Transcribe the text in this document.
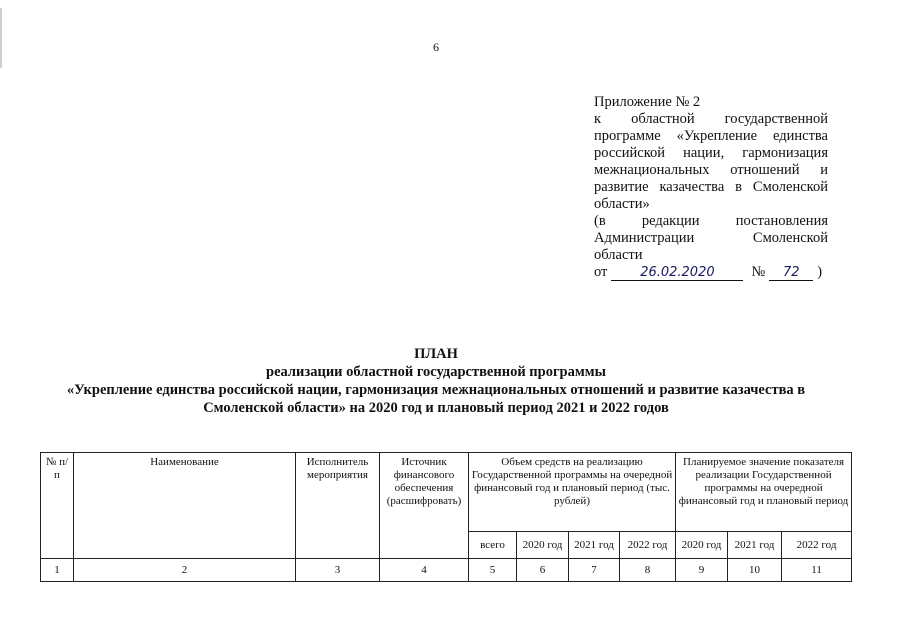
6
Приложение № 2
к областной государственной
программе «Укрепление единства
российской нации, гармонизация
межнациональных отношений и
развитие казачества в Смоленской
области»
(в редакции постановления
Администрации Смоленской
области
от	26.02.2020	№	72	)
ПЛАН
реализации областной государственной программы
«Укрепление единства российской нации, гармонизация межнациональных отношений и развитие казачества в
Смоленской области» на 2020 год и плановый период 2021 и 2022 годов
№ п/п	Наименование	Исполнитель мероприятия	Источник финансового обеспечения (расшифровать)	Объем средств на реализацию Государственной программы на очередной финансовый год и плановый период (тыс. рублей)				Планируемое значение показателя реализации Государственной программы на очередной финансовый год и плановый период		
				всего	2020 год	2021 год	2022 год	2020 год	2021 год	2022 год
1	2	3	4	5	6	7	8	9	10	11
